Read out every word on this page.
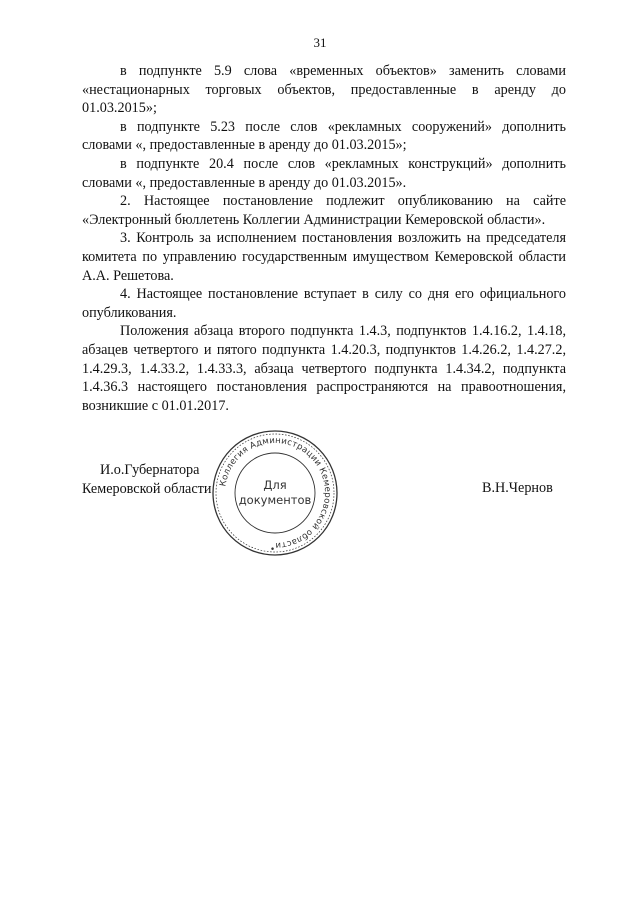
31

в подпункте 5.9 слова «временных объектов» заменить словами «нестационарных торговых объектов, предоставленные в аренду до 01.03.2015»;

в подпункте 5.23 после слов «рекламных сооружений» дополнить словами «, предоставленные в аренду до 01.03.2015»;

в подпункте 20.4 после слов «рекламных конструкций» дополнить словами «, предоставленные в аренду до 01.03.2015».

2. Настоящее постановление подлежит опубликованию на сайте «Электронный бюллетень Коллегии Администрации Кемеровской области».

3. Контроль за исполнением постановления возложить на председателя комитета по управлению государственным имуществом Кемеровской области А.А. Решетова.

4. Настоящее постановление вступает в силу со дня его официального опубликования.

Положения абзаца второго подпункта 1.4.3, подпунктов 1.4.16.2, 1.4.18, абзацев четвертого и пятого подпункта 1.4.20.3, подпунктов 1.4.26.2, 1.4.27.2, 1.4.29.3, 1.4.33.2, 1.4.33.3, абзаца четвертого подпункта 1.4.34.2, подпункта 1.4.36.3 настоящего постановления распространяются на правоотношения, возникшие с 01.01.2017.

И.о.Губернатора
Кемеровской области	В.Н.Чернов
Коллегия Администрации Кемеровской области
•
Для
документов
